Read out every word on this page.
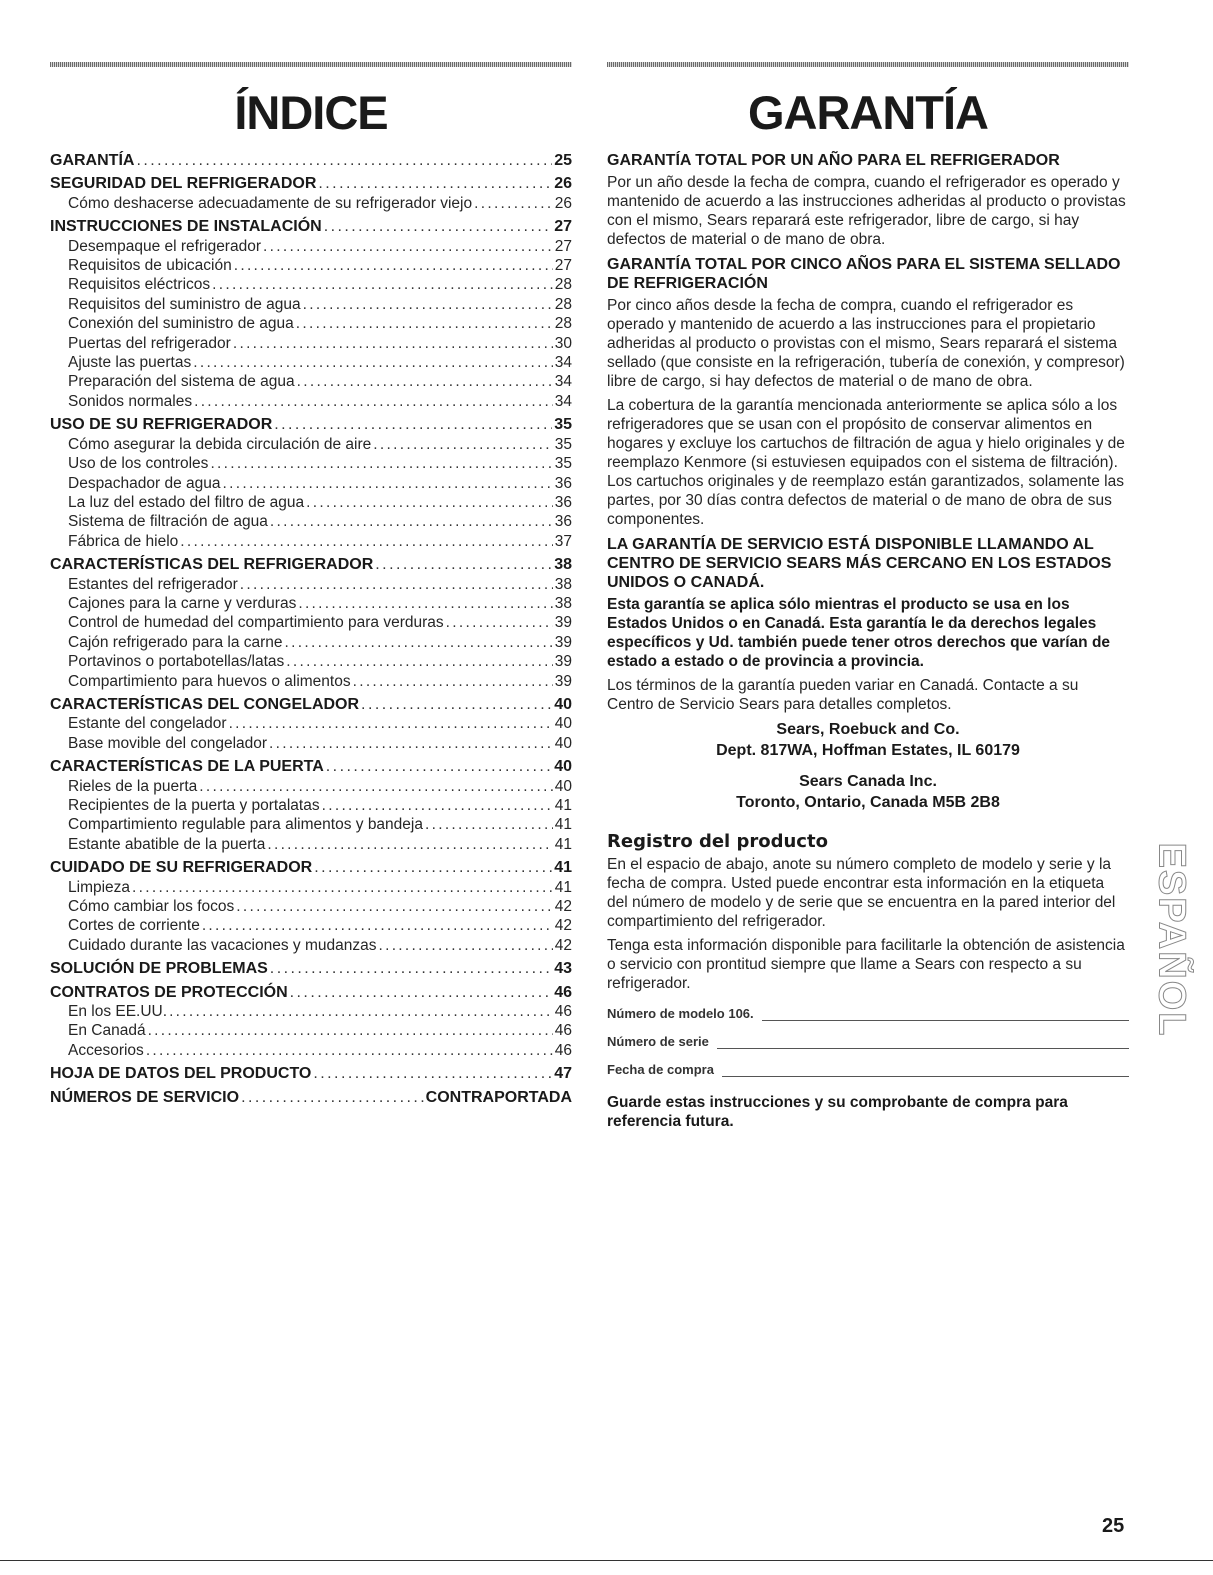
ÍNDICE
GARANTÍA . . .	25
SEGURIDAD DEL REFRIGERADOR . . .	26
Cómo deshacerse adecuadamente de su refrigerador viejo . . .	26
INSTRUCCIONES DE INSTALACIÓN . . .	27
Desempaque el refrigerador . . .	27
Requisitos de ubicación . . .	27
Requisitos eléctricos . . .	28
Requisitos del suministro de agua . . .	28
Conexión del suministro de agua . . .	28
Puertas del refrigerador . . .	30
Ajuste las puertas . . .	34
Preparación del sistema de agua . . .	34
Sonidos normales . . .	34
USO DE SU REFRIGERADOR . . .	35
Cómo asegurar la debida circulación de aire . . .	35
Uso de los controles . . .	35
Despachador de agua . . .	36
La luz del estado del filtro de agua . . .	36
Sistema de filtración de agua . . .	36
Fábrica de hielo . . .	37
CARACTERÍSTICAS DEL REFRIGERADOR . . .	38
Estantes del refrigerador . . .	38
Cajones para la carne y verduras . . .	38
Control de humedad del compartimiento para verduras . . .	39
Cajón refrigerado para la carne . . .	39
Portavinos o portabotellas/latas . . .	39
Compartimiento para huevos o alimentos . . .	39
CARACTERÍSTICAS DEL CONGELADOR . . .	40
Estante del congelador . . .	40
Base movible del congelador . . .	40
CARACTERÍSTICAS DE LA PUERTA . . .	40
Rieles de la puerta . . .	40
Recipientes de la puerta y portalatas . . .	41
Compartimiento regulable para alimentos y bandeja . . .	41
Estante abatible de la puerta . . .	41
CUIDADO DE SU REFRIGERADOR . . .	41
Limpieza . . .	41
Cómo cambiar los focos . . .	42
Cortes de corriente . . .	42
Cuidado durante las vacaciones y mudanzas . . .	42
SOLUCIÓN DE PROBLEMAS . . .	43
CONTRATOS DE PROTECCIÓN . . .	46
En los EE.UU. . . .	46
En Canadá . . .	46
Accesorios . . .	46
HOJA DE DATOS DEL PRODUCTO . . .	47
NÚMEROS DE SERVICIO . . .	CONTRAPORTADA
GARANTÍA
GARANTÍA TOTAL POR UN AÑO PARA EL REFRIGERADOR

Por un año desde la fecha de compra, cuando el refrigerador es operado y mantenido de acuerdo a las instrucciones adheridas al producto o provistas con el mismo, Sears reparará este refrigerador, libre de cargo, si hay defectos de material o de mano de obra.

GARANTÍA TOTAL POR CINCO AÑOS PARA EL SISTEMA SELLADO DE REFRIGERACIÓN

Por cinco años desde la fecha de compra, cuando el refrigerador es operado y mantenido de acuerdo a las instrucciones para el propietario adheridas al producto o provistas con el mismo, Sears reparará el sistema sellado (que consiste en la refrigeración, tubería de conexión, y compresor) libre de cargo, si hay defectos de material o de mano de obra.

La cobertura de la garantía mencionada anteriormente se aplica sólo a los refrigeradores que se usan con el propósito de conservar alimentos en hogares y excluye los cartuchos de filtración de agua y hielo originales y de reemplazo Kenmore (si estuviesen equipados con el sistema de filtración). Los cartuchos originales y de reemplazo están garantizados, solamente las partes, por 30 días contra defectos de material o de mano de obra de sus componentes.

LA GARANTÍA DE SERVICIO ESTÁ DISPONIBLE LLAMANDO AL CENTRO DE SERVICIO SEARS MÁS CERCANO EN LOS ESTADOS UNIDOS O CANADÁ.

Esta garantía se aplica sólo mientras el producto se usa en los Estados Unidos o en Canadá. Esta garantía le da derechos legales específicos y Ud. también puede tener otros derechos que varían de estado a estado o de provincia a provincia.

Los términos de la garantía pueden variar en Canadá. Contacte a su Centro de Servicio Sears para detalles completos.

Sears, Roebuck and Co.
Dept. 817WA, Hoffman Estates, IL 60179
Sears Canada Inc.
Toronto, Ontario, Canada M5B 2B8
Registro del producto

En el espacio de abajo, anote su número completo de modelo y serie y la fecha de compra. Usted puede encontrar esta información en la etiqueta del número de modelo y de serie que se encuentra en la pared interior del compartimiento del refrigerador.

Tenga esta información disponible para facilitarle la obtención de asistencia o servicio con prontitud siempre que llame a Sears con respecto a su refrigerador.

Número de modelo 106.
Número de serie
Fecha de compra

Guarde estas instrucciones y su comprobante de compra para referencia futura.

ESPAÑOL
25
